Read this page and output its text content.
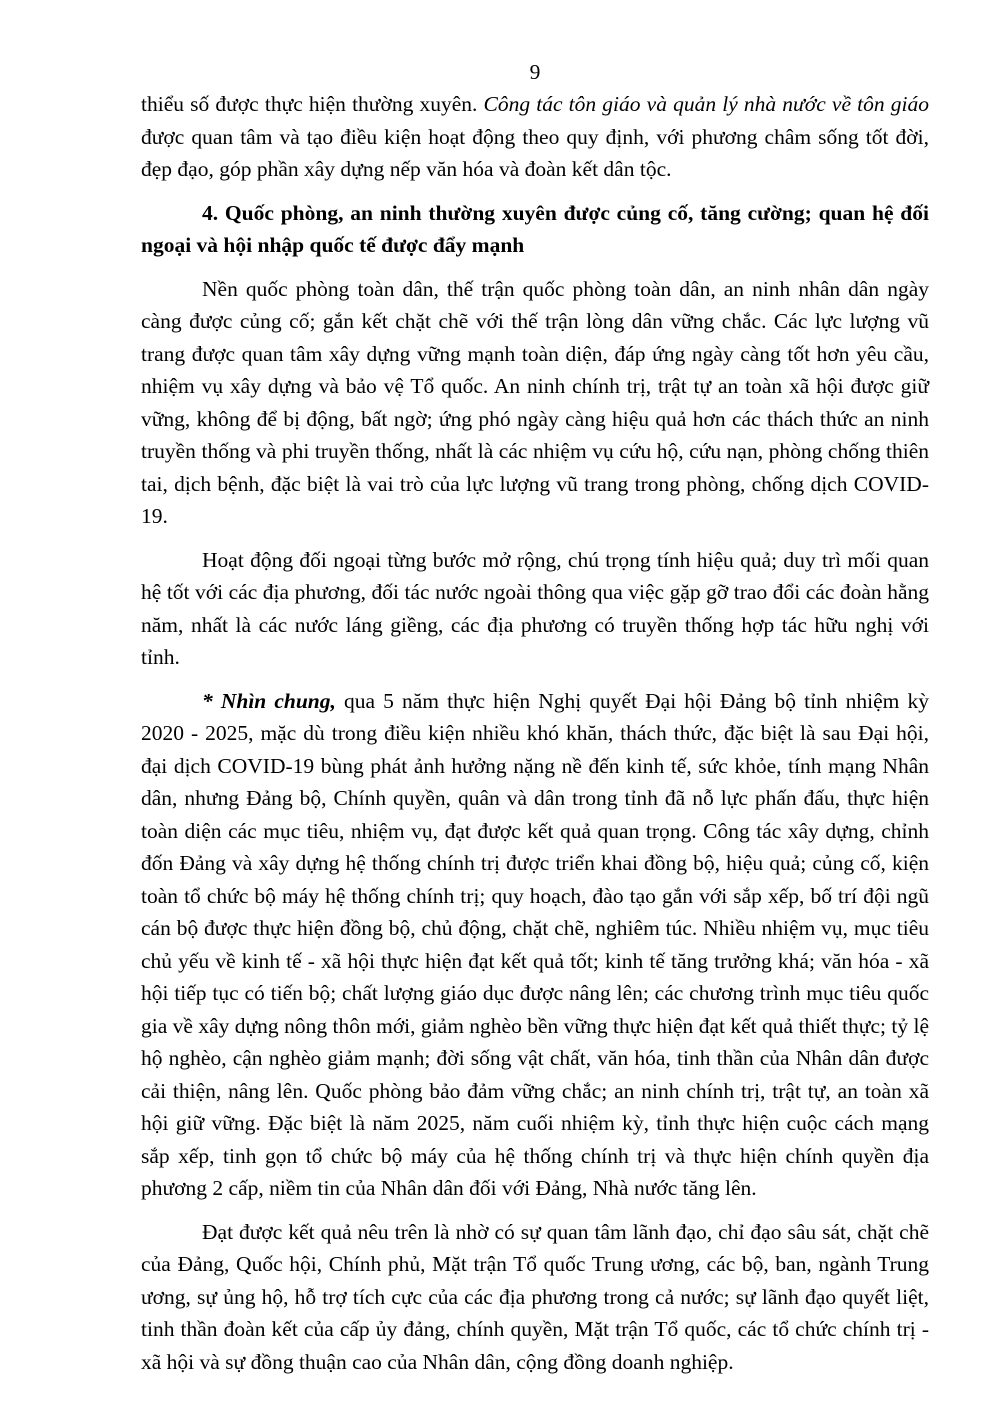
9

thiểu số được thực hiện thường xuyên. Công tác tôn giáo và quản lý nhà nước về tôn giáo được quan tâm và tạo điều kiện hoạt động theo quy định, với phương châm sống tốt đời, đẹp đạo, góp phần xây dựng nếp văn hóa và đoàn kết dân tộc.

4. Quốc phòng, an ninh thường xuyên được củng cố, tăng cường; quan hệ đối ngoại và hội nhập quốc tế được đẩy mạnh

Nền quốc phòng toàn dân, thế trận quốc phòng toàn dân, an ninh nhân dân ngày càng được củng cố; gắn kết chặt chẽ với thế trận lòng dân vững chắc. Các lực lượng vũ trang được quan tâm xây dựng vững mạnh toàn diện, đáp ứng ngày càng tốt hơn yêu cầu, nhiệm vụ xây dựng và bảo vệ Tổ quốc. An ninh chính trị, trật tự an toàn xã hội được giữ vững, không để bị động, bất ngờ; ứng phó ngày càng hiệu quả hơn các thách thức an ninh truyền thống và phi truyền thống, nhất là các nhiệm vụ cứu hộ, cứu nạn, phòng chống thiên tai, dịch bệnh, đặc biệt là vai trò của lực lượng vũ trang trong phòng, chống dịch COVID-19.

Hoạt động đối ngoại từng bước mở rộng, chú trọng tính hiệu quả; duy trì mối quan hệ tốt với các địa phương, đối tác nước ngoài thông qua việc gặp gỡ trao đổi các đoàn hằng năm, nhất là các nước láng giềng, các địa phương có truyền thống hợp tác hữu nghị với tỉnh.

* Nhìn chung, qua 5 năm thực hiện Nghị quyết Đại hội Đảng bộ tỉnh nhiệm kỳ 2020 - 2025, mặc dù trong điều kiện nhiều khó khăn, thách thức, đặc biệt là sau Đại hội, đại dịch COVID-19 bùng phát ảnh hưởng nặng nề đến kinh tế, sức khỏe, tính mạng Nhân dân, nhưng Đảng bộ, Chính quyền, quân và dân trong tỉnh đã nỗ lực phấn đấu, thực hiện toàn diện các mục tiêu, nhiệm vụ, đạt được kết quả quan trọng. Công tác xây dựng, chỉnh đốn Đảng và xây dựng hệ thống chính trị được triển khai đồng bộ, hiệu quả; củng cố, kiện toàn tổ chức bộ máy hệ thống chính trị; quy hoạch, đào tạo gắn với sắp xếp, bố trí đội ngũ cán bộ được thực hiện đồng bộ, chủ động, chặt chẽ, nghiêm túc. Nhiều nhiệm vụ, mục tiêu chủ yếu về kinh tế - xã hội thực hiện đạt kết quả tốt; kinh tế tăng trưởng khá; văn hóa - xã hội tiếp tục có tiến bộ; chất lượng giáo dục được nâng lên; các chương trình mục tiêu quốc gia về xây dựng nông thôn mới, giảm nghèo bền vững thực hiện đạt kết quả thiết thực; tỷ lệ hộ nghèo, cận nghèo giảm mạnh; đời sống vật chất, văn hóa, tinh thần của Nhân dân được cải thiện, nâng lên. Quốc phòng bảo đảm vững chắc; an ninh chính trị, trật tự, an toàn xã hội giữ vững. Đặc biệt là năm 2025, năm cuối nhiệm kỳ, tỉnh thực hiện cuộc cách mạng sắp xếp, tinh gọn tổ chức bộ máy của hệ thống chính trị và thực hiện chính quyền địa phương 2 cấp, niềm tin của Nhân dân đối với Đảng, Nhà nước tăng lên.

Đạt được kết quả nêu trên là nhờ có sự quan tâm lãnh đạo, chỉ đạo sâu sát, chặt chẽ của Đảng, Quốc hội, Chính phủ, Mặt trận Tổ quốc Trung ương, các bộ, ban, ngành Trung ương, sự ủng hộ, hỗ trợ tích cực của các địa phương trong cả nước; sự lãnh đạo quyết liệt, tinh thần đoàn kết của cấp ủy đảng, chính quyền, Mặt trận Tổ quốc, các tổ chức chính trị - xã hội và sự đồng thuận cao của Nhân dân, cộng đồng doanh nghiệp.
